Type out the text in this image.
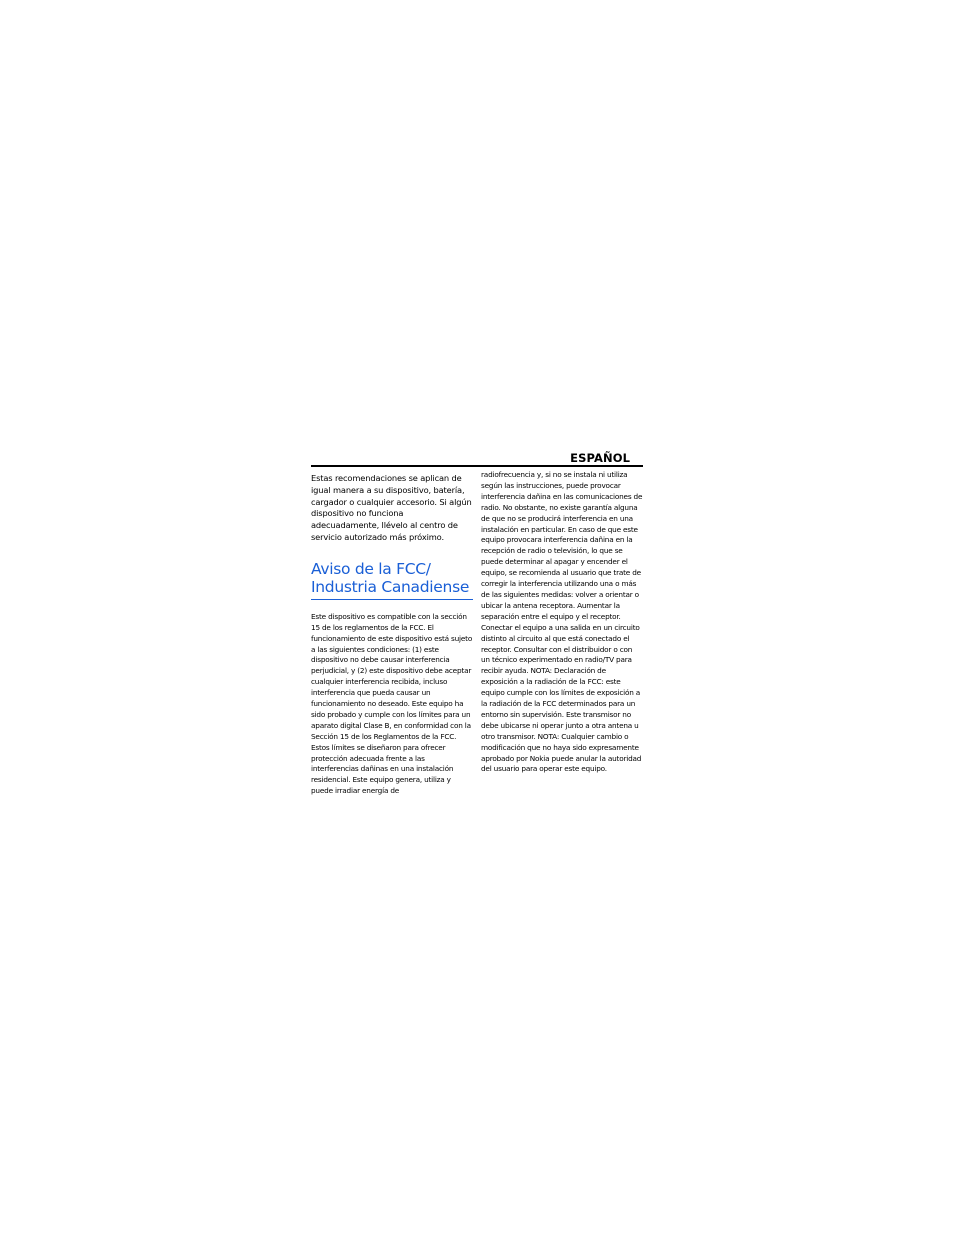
ESPAÑOL

Estas recomendaciones se aplican de igual manera a su dispositivo, batería, cargador o cualquier accesorio. Si algún dispositivo no funciona adecuadamente, llévelo al centro de servicio autorizado más próximo.

Aviso de la FCC/
Industria Canadiense

Este dispositivo es compatible con la sección 15 de los reglamentos de la FCC. El funcionamiento de este dispositivo está sujeto a las siguientes condiciones: (1) este dispositivo no debe causar interferencia perjudicial, y (2) este dispositivo debe aceptar cualquier interferencia recibida, incluso interferencia que pueda causar un funcionamiento no deseado. Este equipo ha sido probado y cumple con los límites para un aparato digital Clase B, en conformidad con la Sección 15 de los Reglamentos de la FCC. Estos límites se diseñaron para ofrecer protección adecuada frente a las interferencias dañinas en una instalación residencial. Este equipo genera, utiliza y puede irradiar energía de

radiofrecuencia y, si no se instala ni utiliza según las instrucciones, puede provocar interferencia dañina en las comunicaciones de radio. No obstante, no existe garantía alguna de que no se producirá interferencia en una instalación en particular. En caso de que este equipo provocara interferencia dañina en la recepción de radio o televisión, lo que se puede determinar al apagar y encender el equipo, se recomienda al usuario que trate de corregir la interferencia utilizando una o más de las siguientes medidas: volver a orientar o ubicar la antena receptora. Aumentar la separación entre el equipo y el receptor. Conectar el equipo a una salida en un circuito distinto al circuito al que está conectado el receptor. Consultar con el distribuidor o con un técnico experimentado en radio/TV para recibir ayuda. NOTA: Declaración de exposición a la radiación de la FCC: este equipo cumple con los límites de exposición a la radiación de la FCC determinados para un entorno sin supervisión. Este transmisor no debe ubicarse ni operar junto a otra antena u otro transmisor. NOTA: Cualquier cambio o modificación que no haya sido expresamente aprobado por Nokia puede anular la autoridad del usuario para operar este equipo.
